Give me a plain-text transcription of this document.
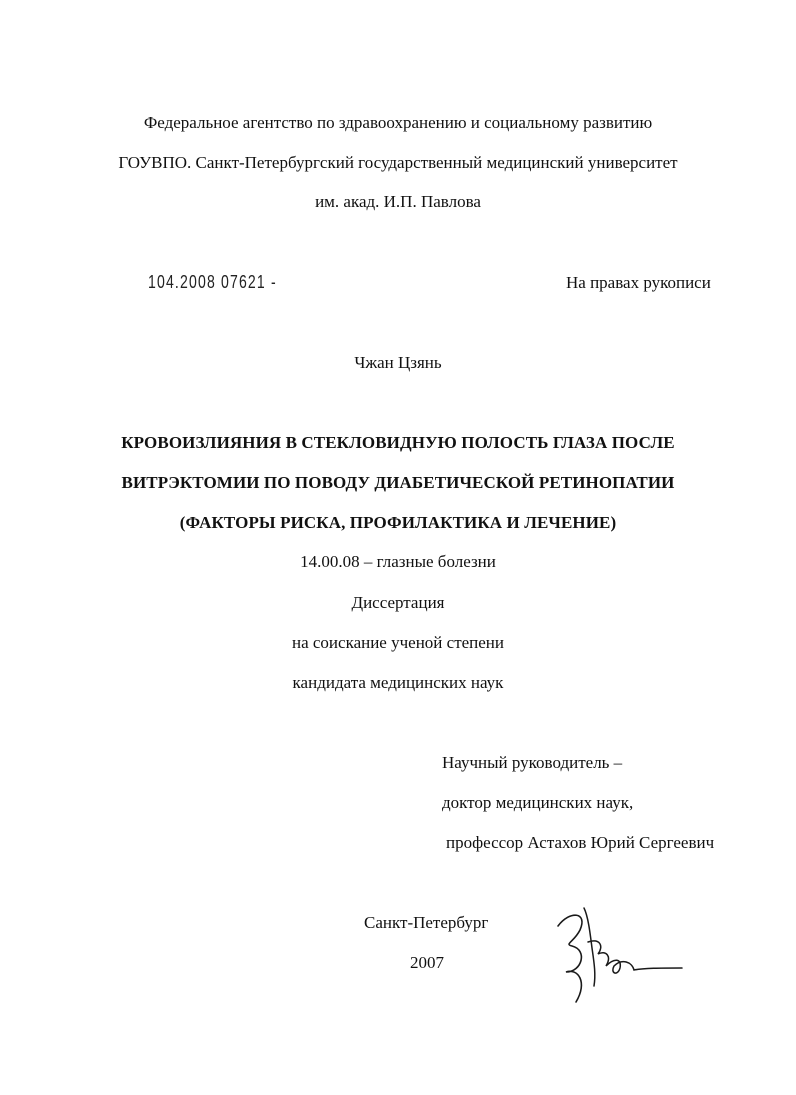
Федеральное агентство по здравоохранению и социальному развитию
ГОУВПО. Санкт-Петербургский государственный медицинский университет
им. акад. И.П. Павлова
104.2008 07621 -	На правах рукописи
Чжан Цзянь
КРОВОИЗЛИЯНИЯ В СТЕКЛОВИДНУЮ ПОЛОСТЬ ГЛАЗА ПОСЛЕ
ВИТРЭКТОМИИ ПО ПОВОДУ ДИАБЕТИЧЕСКОЙ РЕТИНОПАТИИ
(ФАКТОРЫ РИСКА, ПРОФИЛАКТИКА И ЛЕЧЕНИЕ)
14.00.08 – глазные болезни
Диссертация
на соискание ученой степени
кандидата медицинских наук
Научный руководитель –
доктор медицинских наук,
профессор Астахов Юрий Сергеевич
Санкт-Петербург
2007
